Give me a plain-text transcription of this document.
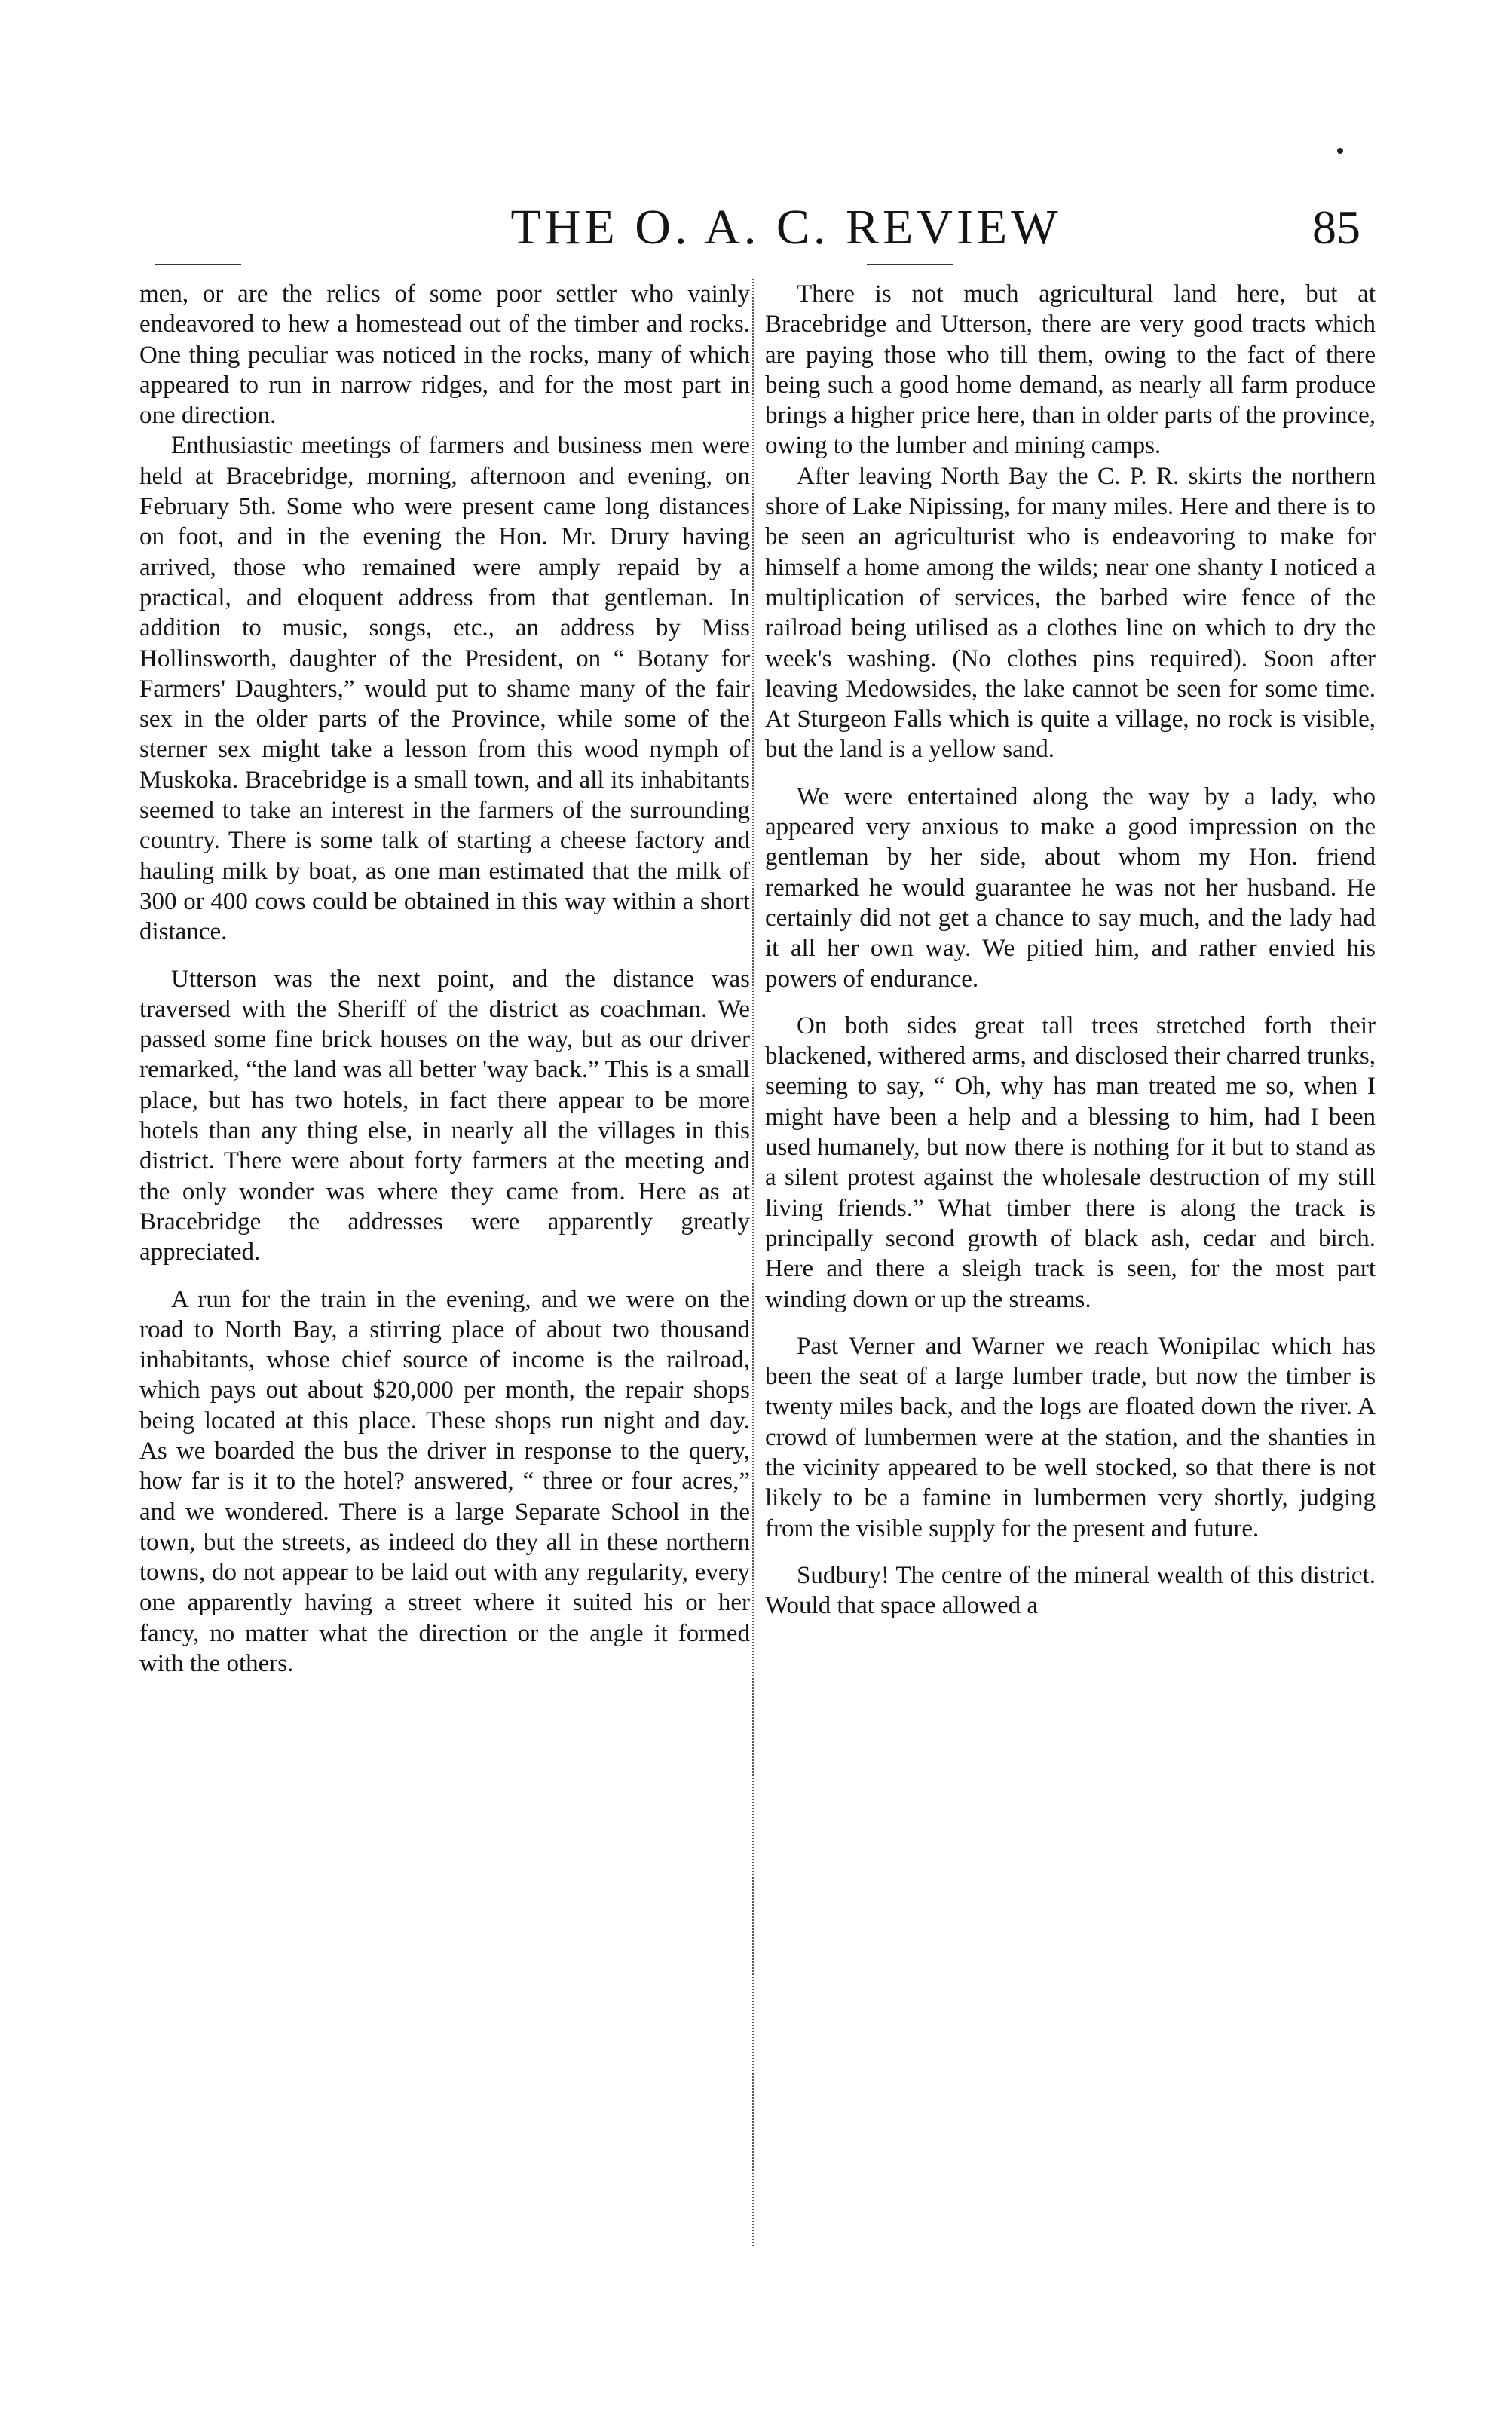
THE O. A. C. REVIEW	85

men, or are the relics of some poor settler who vainly endeavored to hew a homestead out of the timber and rocks. One thing peculiar was noticed in the rocks, many of which appeared to run in narrow ridges, and for the most part in one direction.

Enthusiastic meetings of farmers and business men were held at Bracebridge, morning, afternoon and evening, on February 5th. Some who were present came long distances on foot, and in the evening the Hon. Mr. Drury having arrived, those who remained were amply repaid by a practical, and eloquent address from that gentleman. In addition to music, songs, etc., an address by Miss Hollinsworth, daughter of the President, on “ Botany for Farmers' Daughters,” would put to shame many of the fair sex in the older parts of the Province, while some of the sterner sex might take a lesson from this wood nymph of Muskoka. Bracebridge is a small town, and all its inhabitants seemed to take an interest in the farmers of the surrounding country. There is some talk of starting a cheese factory and hauling milk by boat, as one man estimated that the milk of 300 or 400 cows could be obtained in this way within a short distance.

Utterson was the next point, and the distance was traversed with the Sheriff of the district as coachman. We passed some fine brick houses on the way, but as our driver remarked, “the land was all better 'way back.” This is a small place, but has two hotels, in fact there appear to be more hotels than any thing else, in nearly all the villages in this district. There were about forty farmers at the meeting and the only wonder was where they came from. Here as at Bracebridge the addresses were apparently greatly appreciated.

A run for the train in the evening, and we were on the road to North Bay, a stirring place of about two thousand inhabitants, whose chief source of income is the railroad, which pays out about $20,000 per month, the repair shops being located at this place. These shops run night and day. As we boarded the bus the driver in response to the query, how far is it to the hotel? answered, “ three or four acres,” and we wondered. There is a large Separate School in the town, but the streets, as indeed do they all in these northern towns, do not appear to be laid out with any regularity, every one apparently having a street where it suited his or her fancy, no matter what the direction or the angle it formed with the others.

There is not much agricultural land here, but at Bracebridge and Utterson, there are very good tracts which are paying those who till them, owing to the fact of there being such a good home demand, as nearly all farm produce brings a higher price here, than in older parts of the province, owing to the lumber and mining camps.

After leaving North Bay the C. P. R. skirts the northern shore of Lake Nipissing, for many miles. Here and there is to be seen an agriculturist who is endeavoring to make for himself a home among the wilds; near one shanty I noticed a multiplication of services, the barbed wire fence of the railroad being utilised as a clothes line on which to dry the week's washing. (No clothes pins required). Soon after leaving Medowsides, the lake cannot be seen for some time. At Sturgeon Falls which is quite a village, no rock is visible, but the land is a yellow sand.

We were entertained along the way by a lady, who appeared very anxious to make a good impression on the gentleman by her side, about whom my Hon. friend remarked he would guarantee he was not her husband. He certainly did not get a chance to say much, and the lady had it all her own way. We pitied him, and rather envied his powers of endurance.

On both sides great tall trees stretched forth their blackened, withered arms, and disclosed their charred trunks, seeming to say, “ Oh, why has man treated me so, when I might have been a help and a blessing to him, had I been used humanely, but now there is nothing for it but to stand as a silent protest against the wholesale destruction of my still living friends.” What timber there is along the track is principally second growth of black ash, cedar and birch. Here and there a sleigh track is seen, for the most part winding down or up the streams.

Past Verner and Warner we reach Wonipilac which has been the seat of a large lumber trade, but now the timber is twenty miles back, and the logs are floated down the river. A crowd of lumbermen were at the station, and the shanties in the vicinity appeared to be well stocked, so that there is not likely to be a famine in lumbermen very shortly, judging from the visible supply for the present and future.

Sudbury! The centre of the mineral wealth of this district. Would that space allowed a
